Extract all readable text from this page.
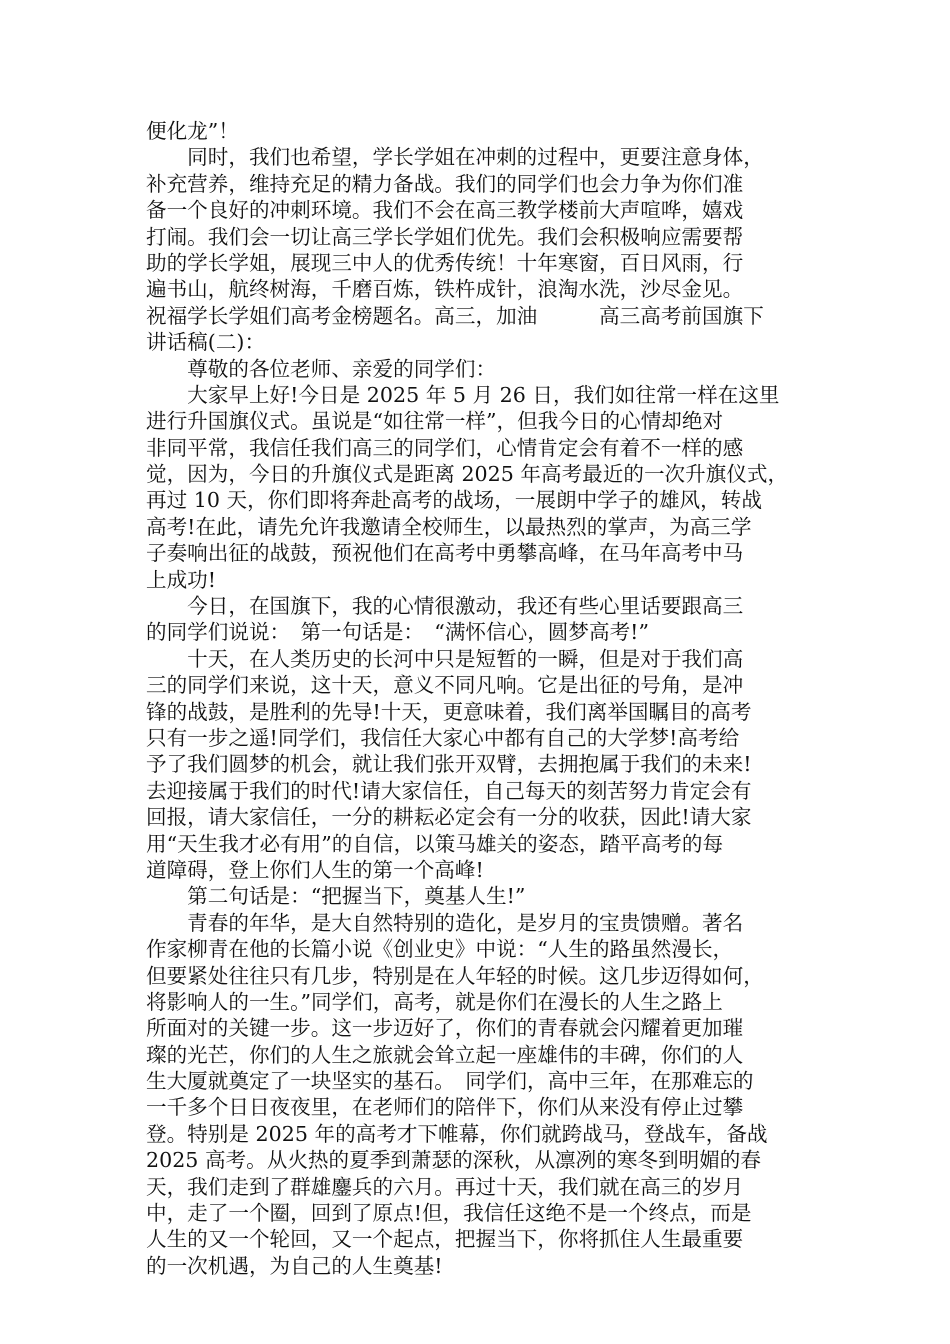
便化龙”！
　　同时，我们也希望，学长学姐在冲刺的过程中，更要注意身体，
补充营养，维持充足的精力备战。我们的同学们也会力争为你们准
备一个良好的冲刺环境。我们不会在高三教学楼前大声喧哗，嬉戏
打闹。我们会一切让高三学长学姐们优先。我们会积极响应需要帮
助的学长学姐，展现三中人的优秀传统！十年寒窗，百日风雨，行
遍书山，航终树海，千磨百炼，铁杵成针，浪淘水洗，沙尽金见。
祝福学长学姐们高考金榜题名。高三，加油　　　高三高考前国旗下
讲话稿(二)：
　　尊敬的各位老师、亲爱的同学们：
　　大家早上好!今日是 2025 年 5 月 26 日，我们如往常一样在这里
进行升国旗仪式。虽说是“如往常一样”，但我今日的心情却绝对
非同平常，我信任我们高三的同学们，心情肯定会有着不一样的感
觉，因为，今日的升旗仪式是距离 2025 年高考最近的一次升旗仪式，
再过 10 天，你们即将奔赴高考的战场，一展朗中学子的雄风，转战
高考!在此，请先允许我邀请全校师生，以最热烈的掌声，为高三学
子奏响出征的战鼓，预祝他们在高考中勇攀高峰，在马年高考中马
上成功!
　　今日，在国旗下，我的心情很激动，我还有些心里话要跟高三
的同学们说说：　第一句话是：　“满怀信心，圆梦高考!”
　　十天，在人类历史的长河中只是短暂的一瞬，但是对于我们高
三的同学们来说，这十天，意义不同凡响。它是出征的号角，是冲
锋的战鼓，是胜利的先导!十天，更意味着，我们离举国瞩目的高考
只有一步之遥!同学们，我信任大家心中都有自己的大学梦!高考给
予了我们圆梦的机会，就让我们张开双臂，去拥抱属于我们的未来!
去迎接属于我们的时代!请大家信任，自己每天的刻苦努力肯定会有
回报，请大家信任，一分的耕耘必定会有一分的收获，因此!请大家
用“天生我才必有用”的自信，以策马雄关的姿态，踏平高考的每
道障碍，登上你们人生的第一个高峰!
　　第二句话是：“把握当下，奠基人生!”
　　青春的年华，是大自然特别的造化，是岁月的宝贵馈赠。著名
作家柳青在他的长篇小说《创业史》中说：“人生的路虽然漫长，
但要紧处往往只有几步，特别是在人年轻的时候。这几步迈得如何，
将影响人的一生。”同学们，高考，就是你们在漫长的人生之路上
所面对的关键一步。这一步迈好了，你们的青春就会闪耀着更加璀
璨的光芒，你们的人生之旅就会耸立起一座雄伟的丰碑，你们的人
生大厦就奠定了一块坚实的基石。　同学们，高中三年，在那难忘的
一千多个日日夜夜里，在老师们的陪伴下，你们从来没有停止过攀
登。特别是 2025 年的高考才下帷幕，你们就跨战马，登战车，备战
2025 高考。从火热的夏季到萧瑟的深秋，从凛冽的寒冬到明媚的春
天，我们走到了群雄鏖兵的六月。再过十天，我们就在高三的岁月
中，走了一个圈，回到了原点!但，我信任这绝不是一个终点，而是
人生的又一个轮回，又一个起点，把握当下，你将抓住人生最重要
的一次机遇，为自己的人生奠基!
